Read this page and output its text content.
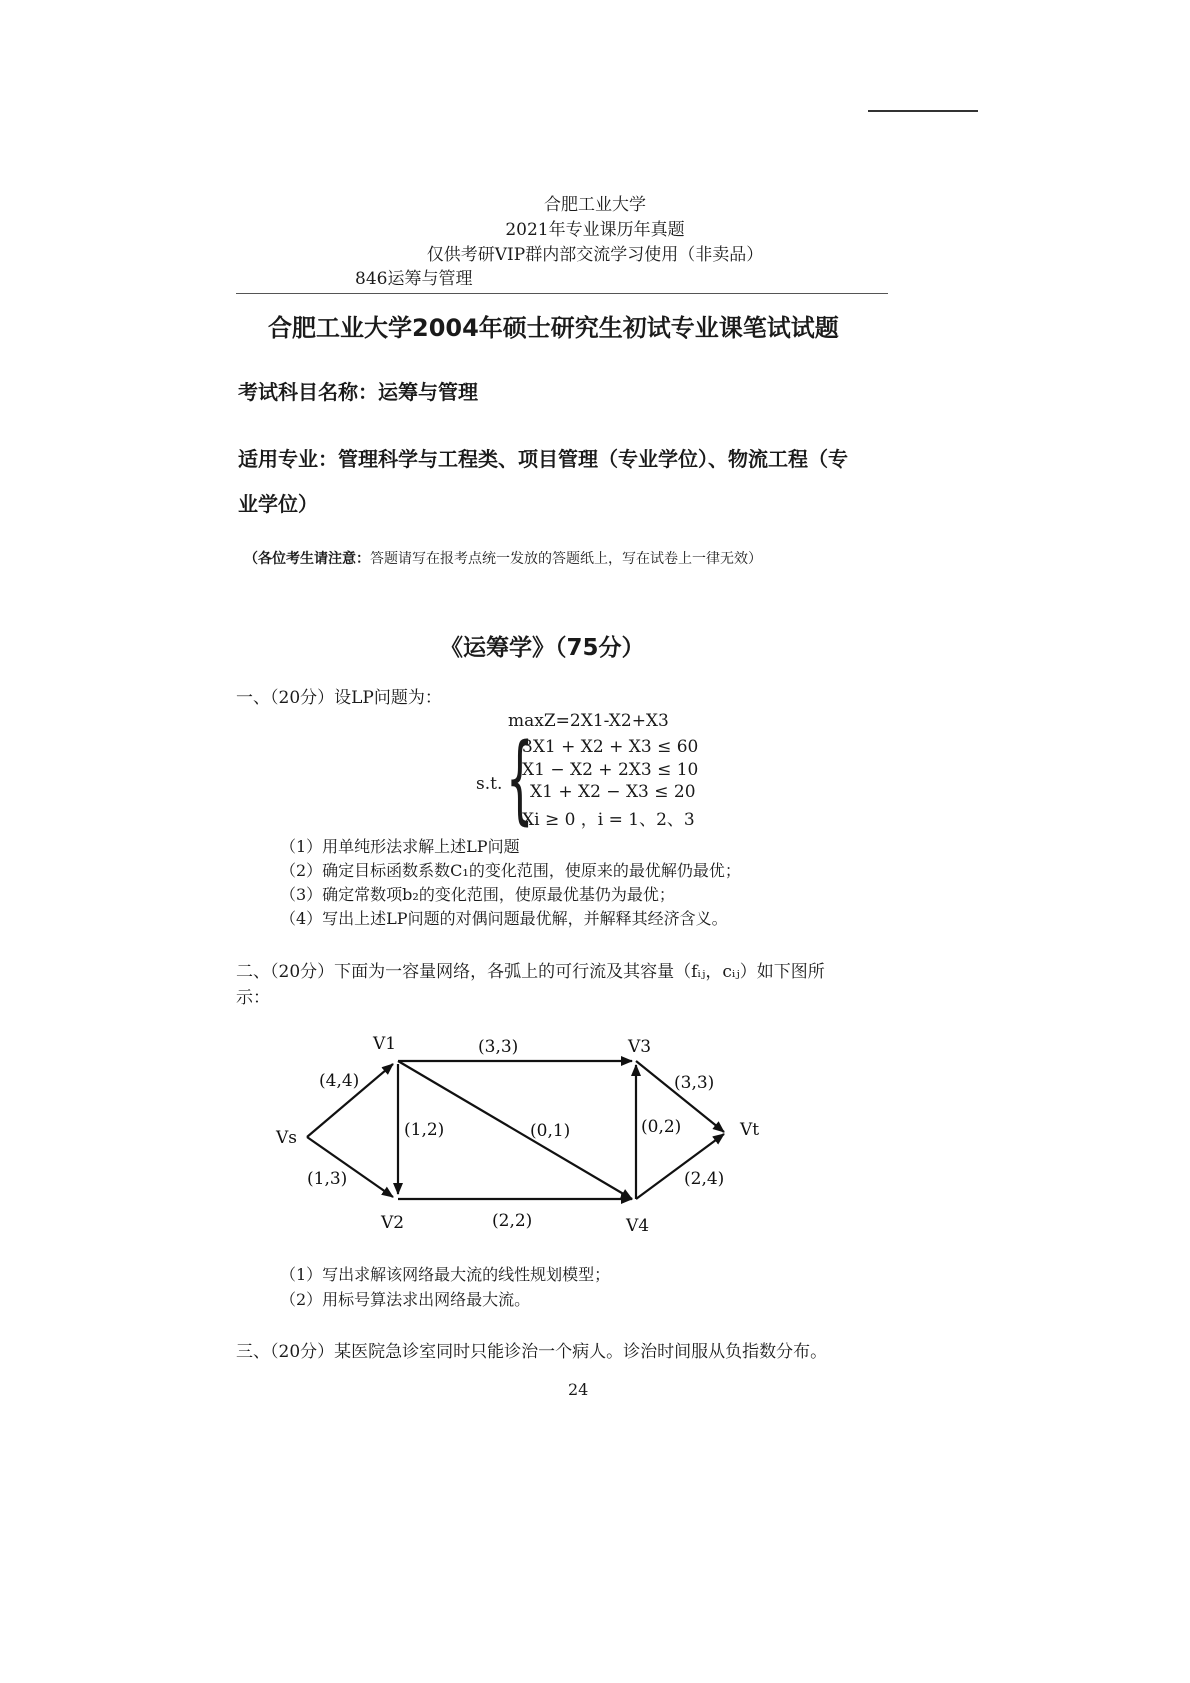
合肥工业大学
2021年专业课历年真题
仅供考研VIP群内部交流学习使用（非卖品）
846运筹与管理
合肥工业大学2004年硕士研究生初试专业课笔试试题
考试科目名称：运筹与管理
适用专业：管理科学与工程类、项目管理（专业学位）、物流工程（专
业学位）
（各位考生请注意：答题请写在报考点统一发放的答题纸上，写在试卷上一律无效）
《运筹学》（75分）
一、（20分）设LP问题为：
maxZ=2X1-X2+X3
s.t. {
3X1 + X2 + X3 ≤ 60
X1 − X2 + 2X3 ≤ 10
X1 + X2 − X3 ≤ 20
Xi ≥ 0 ，i = 1、2、3
（1）用单纯形法求解上述LP问题
（2）确定目标函数系数C₁的变化范围，使原来的最优解仍最优；
（3）确定常数项b₂的变化范围，使原最优基仍为最优；
（4）写出上述LP问题的对偶问题最优解，并解释其经济含义。
二、（20分）下面为一容量网络，各弧上的可行流及其容量（fᵢⱼ，cᵢⱼ）如下图所
示：
Vs
V1
V2
V3
V4
Vt
(4,4)
(1,3)
(3,3)
(1,2)	(0,1)	(0,2)
(2,2)
(3,3)
(2,4)
（1）写出求解该网络最大流的线性规划模型；
（2）用标号算法求出网络最大流。
三、（20分）某医院急诊室同时只能诊治一个病人。诊治时间服从负指数分布。
24
